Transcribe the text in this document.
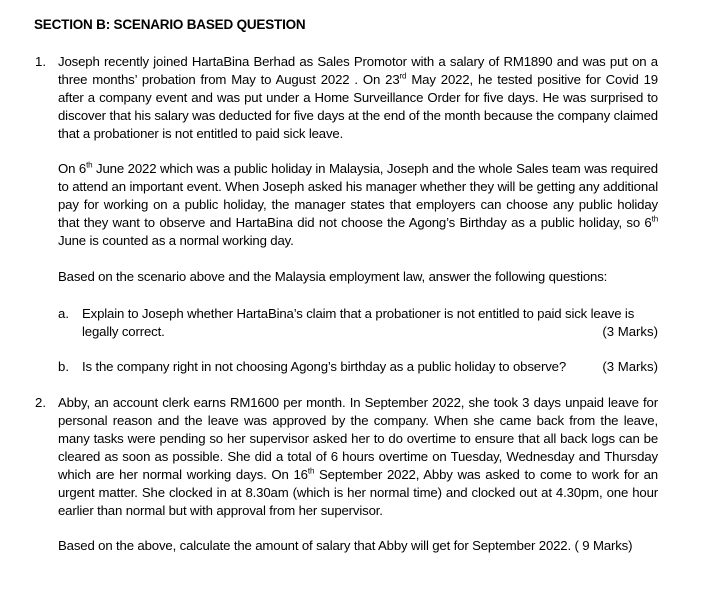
SECTION B: SCENARIO BASED QUESTION
1. Joseph recently joined HartaBina Berhad as Sales Promotor with a salary of RM1890 and was put on a three months’ probation from May to August 2022 . On 23rd May 2022, he tested positive for Covid 19 after a company event and was put under a Home Surveillance Order for five days. He was surprised to discover that his salary was deducted for five days at the end of the month because the company claimed that a probationer is not entitled to paid sick leave.
On 6th June 2022 which was a public holiday in Malaysia, Joseph and the whole Sales team was required to attend an important event. When Joseph asked his manager whether they will be getting any additional pay for working on a public holiday, the manager states that employers can choose any public holiday that they want to observe and HartaBina did not choose the Agong’s Birthday as a public holiday, so 6th June is counted as a normal working day.
Based on the scenario above and the Malaysia employment law, answer the following questions:
a. Explain to Joseph whether HartaBina’s claim that a probationer is not entitled to paid sick leave is
legally correct.	(3 Marks)
b. Is the company right in not choosing Agong’s birthday as a public holiday to observe?	(3 Marks)
2. Abby, an account clerk earns RM1600 per month. In September 2022, she took 3 days unpaid leave for personal reason and the leave was approved by the company. When she came back from the leave, many tasks were pending so her supervisor asked her to do overtime to ensure that all back logs can be cleared as soon as possible. She did a total of 6 hours overtime on Tuesday, Wednesday and Thursday which are her normal working days. On 16th September 2022, Abby was asked to come to work for an urgent matter. She clocked in at 8.30am (which is her normal time) and clocked out at 4.30pm, one hour earlier than normal but with approval from her supervisor.
Based on the above, calculate the amount of salary that Abby will get for September 2022. ( 9 Marks)
